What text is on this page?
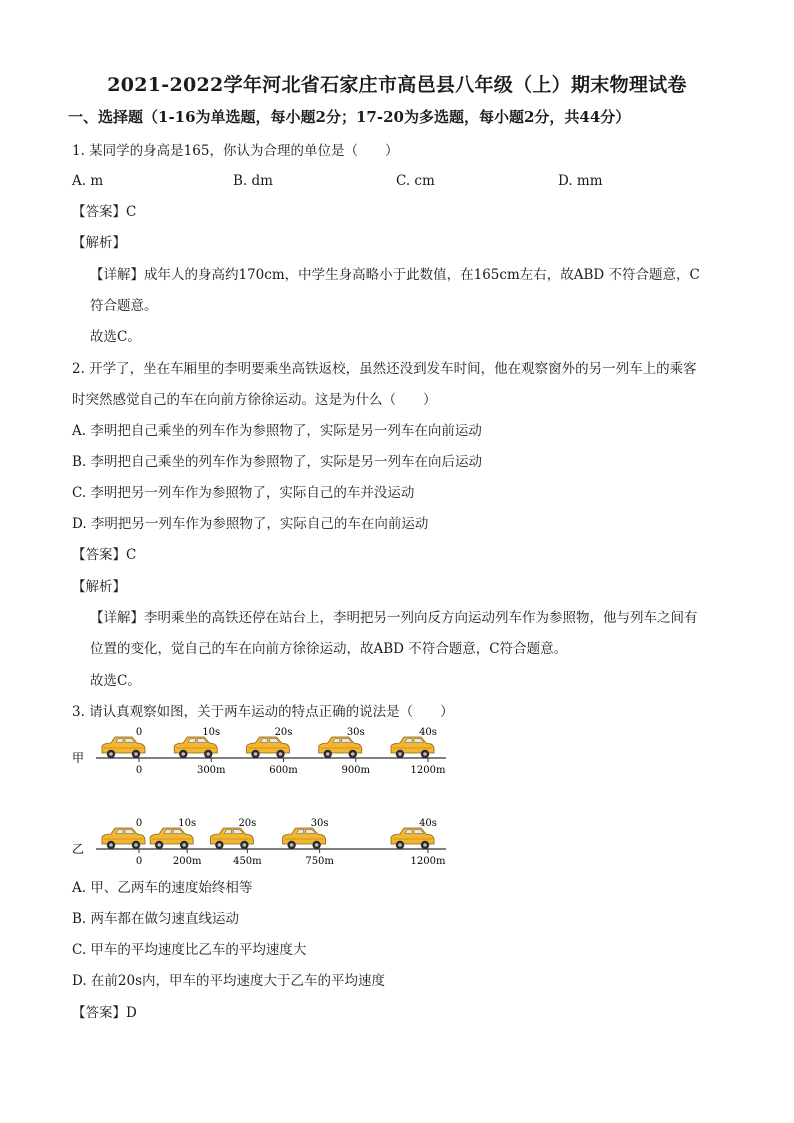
2021-2022学年河北省石家庄市高邑县八年级（上）期末物理试卷
一、选择题（1-16为单选题，每小题2分；17-20为多选题，每小题2分，共44分）
1. 某同学的身高是165，你认为合理的单位是（　　）
A. m	B. dm	C. cm	D. mm
【答案】C
【解析】
【详解】成年人的身高约170cm，中学生身高略小于此数值，在165cm左右，故ABD 不符合题意，C
符合题意。
故选C。
2. 开学了，坐在车厢里的李明要乘坐高铁返校，虽然还没到发车时间，他在观察窗外的另一列车上的乘客
时突然感觉自己的车在向前方徐徐运动。这是为什么（　　）
A. 李明把自己乘坐的列车作为参照物了，实际是另一列车在向前运动
B. 李明把自己乘坐的列车作为参照物了，实际是另一列车在向后运动
C. 李明把另一列车作为参照物了，实际自己的车并没运动
D. 李明把另一列车作为参照物了，实际自己的车在向前运动
【答案】C
【解析】
【详解】李明乘坐的高铁还停在站台上，李明把另一列向反方向运动列车作为参照物，他与列车之间有
位置的变化，觉自己的车在向前方徐徐运动，故ABD 不符合题意，C符合题意。
故选C。
3. 请认真观察如图，关于两车运动的特点正确的说法是（　　）
甲
0
0
10s
300m
20s
600m
30s
900m
40s
1200m
乙
0
0
10s
200m
20s
450m
30s
750m
40s
1200m
A. 甲、乙两车的速度始终相等
B. 两车都在做匀速直线运动
C. 甲车的平均速度比乙车的平均速度大
D. 在前20s内，甲车的平均速度大于乙车的平均速度
【答案】D
